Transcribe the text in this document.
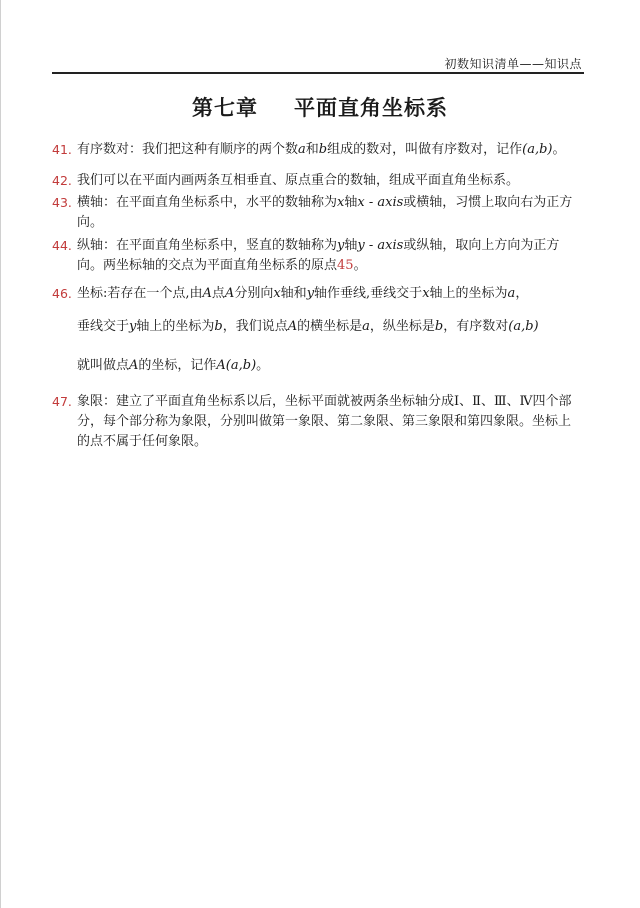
初数知识清单——知识点
第七章 平面直角坐标系
41. 有序数对：我们把这种有顺序的两个数a和b组成的数对，叫做有序数对，记作(a,b)。
42. 我们可以在平面内画两条互相垂直、原点重合的数轴，组成平面直角坐标系。
43. 横轴：在平面直角坐标系中，水平的数轴称为x轴x - axis或横轴，习惯上取向右为正方向。
44. 纵轴：在平面直角坐标系中，竖直的数轴称为y轴y - axis或纵轴，取向上方向为正方向。两坐标轴的交点为平面直角坐标系的原点45。
46. 坐标:若存在一个点,由A点A分别向x轴和y轴作垂线,垂线交于x轴上的坐标为a，
垂线交于y轴上的坐标为b，我们说点A的横坐标是a，纵坐标是b，有序数对(a,b)
就叫做点A的坐标，记作A(a,b)。
47. 象限：建立了平面直角坐标系以后，坐标平面就被两条坐标轴分成Ⅰ、Ⅱ、Ⅲ、Ⅳ四个部分，每个部分称为象限，分别叫做第一象限、第二象限、第三象限和第四象限。坐标上的点不属于任何象限。
